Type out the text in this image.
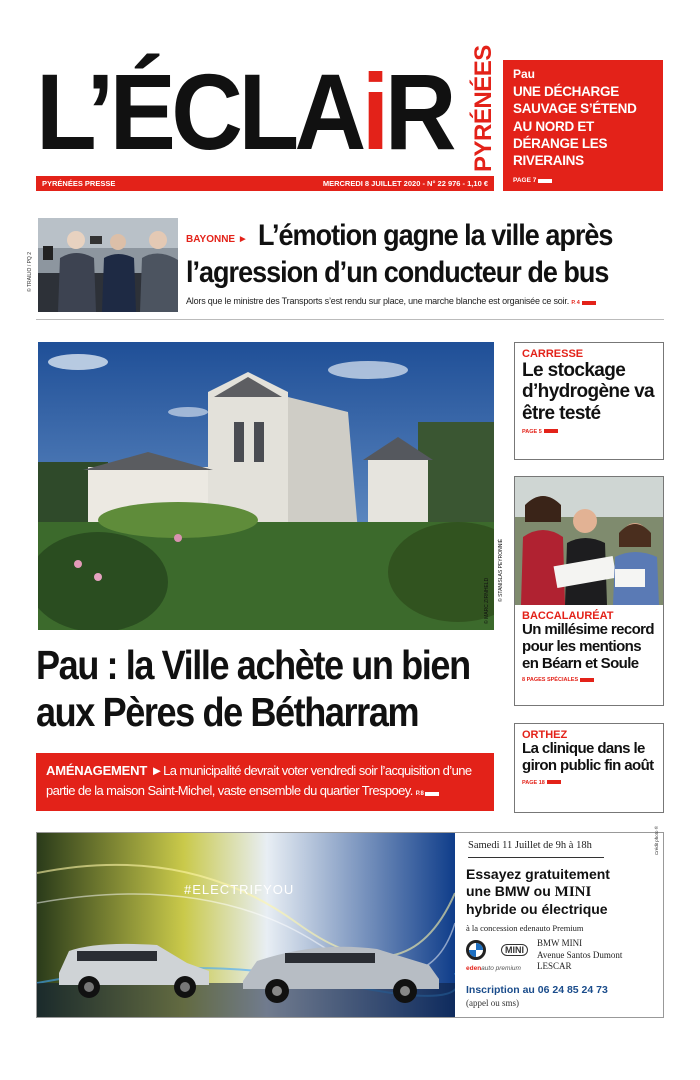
L’ÉCLAiR PYRÉNÉES
PYRÉNÉES PRESSE	MERCREDI 8 JUILLET 2020 - N° 22 976 - 1,10 €
Pau
UNE DÉCHARGE SAUVAGE S’ÉTEND AU NORD ET DÉRANGE LES RIVERAINS
PAGE 7
© TRAILIO / PQ 2
BAYONNE ► L’émotion gagne la ville après
l’agression d’un conducteur de bus
Alors que le ministre des Transports s’est rendu sur place, une marche blanche est organisée ce soir. P. 4
© MARC ZIRNHELD
Pau : la Ville achète un bien aux Pères de Bétharram
AMÉNAGEMENT ►La municipalité devrait voter vendredi soir l’acquisition d’une partie de la maison Saint-Michel, vaste ensemble du quartier Trespoey. P. 8
CARRESSE
Le stockage d’hydrogène va être testé
PAGE 5
BACCALAURÉAT
Un millésime record pour les mentions en Béarn et Soule
8 PAGES SPÉCIALES
© STANISLAS PEYRONNIÉ
ORTHEZ
La clinique dans le giron public fin août
PAGE 18
#ELECTRIFYOU
Samedi 11 Juillet de 9h à 18h
Essayez gratuitement
une BMW ou MINI
hybride ou électrique
à la concession edenauto Premium
MINI
edenauto premium
BMW MINI
Avenue Santos Dumont
LESCAR
Inscription au 06 24 85 24 73
(appel ou sms)
Crédit photo ®
